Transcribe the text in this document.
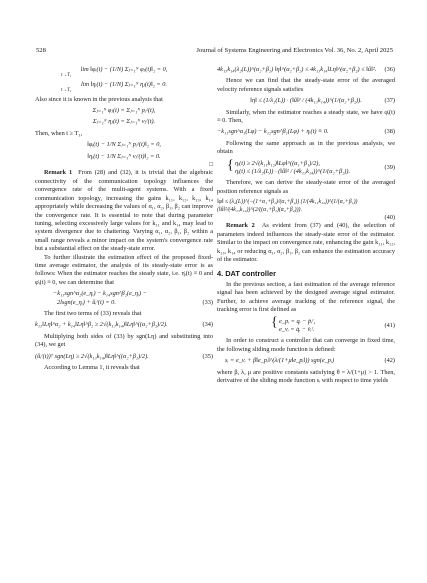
528	Journal of Systems Engineering and Electronics Vol. 36, No. 2, April 2025
lim ‖φᵢ(t) − (1/N) Σⱼ₌₁ᴺ φⱼ(t)‖₂ = 0,
t→T₁
lim ‖ηᵢ(t) − (1/N) Σⱼ₌₁ᴺ ηⱼ(t)‖₂ = 0.
t→T₁

Also since it is known in the previous analysis that

Σⱼ₌₁ᴺ φⱼ(t) = Σⱼ₌₁ᴺ pⱼʳ(t),
Σⱼ₌₁ᴺ ηⱼ(t) = Σⱼ₌₁ᴺ vⱼʳ(t).

Then, when t ≥ T₁,

‖φᵢ(t) − 1/N Σⱼ₌₁ᴺ pⱼʳ(t)‖₂ = 0,
‖ηᵢ(t) − 1/N Σⱼ₌₁ᴺ vⱼʳ(t)‖₂ = 0.
□

Remark 1 From (28) and (32), it is trivial that the algebraic connectivity of the communication topology influences the convergence rate of the multi-agent systems. With a fixed communication topology, increasing the gains k₁₁, k₁₂, k₁₃, k₁₄ appropriately while decreasing the values of α₁, α₂, β₁, β₂ can improve the convergence rate. It is essential to note that during parameter tuning, selecting excessively large values for k₁₁ and k₁₄ may lead to system divergence due to chattering. Varying α₁, α₂, β₁, β₂ within a small range reveals a minor impact on the system's convergence rate but a substantial effect on the steady-state error.

To further illustrate the estimation effect of the proposed fixed-time average estimator, the analysis of its steady-state error is as follows: When the estimator reaches the steady state, i.e. η̇ᵢ(t) ≡ 0 and φ̇ᵢ(t) ≡ 0, we can determine that

−k₁₃sgn^α₂(e_ηᵢ) − k₁₄sgn^β₂(e_ηᵢ) −
2lsgn(e_ηᵢ) + ǖᵢʳ(t) = 0.	(33)

The first two terms of (33) reveals that

k₁₃‖Lη‖^α₂ + k₁₄‖Lη‖^β₂ ≥ 2√(k₁₃k₁₄)‖Lη‖^((α₂+β₂)/2).	(34)

Multiplying both sides of (33) by sgn(Lη) and substituting into (34), we get

(ǖᵢʳ(t))ᵀ sgn(Lη) ≥ 2√(k₁₃k₁₄)‖Lη‖^((α₂+β₂)/2).	(35)

According to Lemma 1, it reveals that

4k₁₃k₁₄(λ₂(L))^(α₂+β₂) ‖η‖^(α₂+β₂) ≤ 4k₁₃k₁₄‖Lη‖^(α₂+β₂) ≤ ‖ǖ‖². (36)

Hence we can find that the steady-state error of the averaged velocity reference signals satisfies

‖η‖ ≤ (1/λ₂(L)) · (‖ǖ‖² / (4k₁₃k₁₄))^(1/(α₂+β₂)).	(37)

Similarly, when the estimator reaches a steady state, we have φ̇ᵢ(t) ≡ 0. Then,

−k₁₁sgn^α₁(Lφ) − k₁₂sgn^β₁(Lφ) + ηᵢ(t) ≡ 0.	(38)

Following the same approach as in the previous analysis, we obtain

{ ηᵢ(t) ≥ 2√(k₁₁k₁₂)‖Lφ‖^((α₁+β₁)/2),
ηᵢ(t) ≤ (1/λ₂(L)) · (‖ǖ‖² / (4k₁₃k₁₄))^(1/(α₂+β₂)).
(39)

Therefore, we can derive the steady-state error of the averaged position reference signals as

‖φ‖ ≤ (λ₂(L))^(−(1+α₁+β₁)/(α₁+β₁)) (1/(4k₁₁k₁₂))^(1/(α₁+β₁)) (‖ǖ‖²/(4k₁₃k₁₄))^(2/((α₁+β₁)(α₂+β₂))).
(40)

Remark 2 As evident from (37) and (40), the selection of parameters indeed influences the steady-state error of the estimator. Similar to the impact on convergence rate, enhancing the gain k₁₁, k₁₂, k₁₃, k₁₄ or reducing α₁, α₂, β₁, β₂ can enhance the estimation accuracy of the estimator.

4. DAT controller

In the previous section, a fast estimation of the average reference signal has been achieved by the designed average signal estimator. Further, to achieve average tracking of the reference signal, the tracking error is first defined as

{ e_pᵢ = qᵢ − p̄ᵢʳ,
e_vᵢ = q̇ᵢ − v̄ᵢʳ.
(41)

In order to construct a controller that can converge in fixed time, the following sliding mode function is defined:

sᵢ = e_vᵢ + β‖e_pᵢ‖^(λ/(1+μ‖e_pᵢ‖)) sgn(e_pᵢ)	(42)

where β, λ, μ are positive constants satisfying θ = λ/(1+μ) > 1. Then, derivative of the sliding mode function sᵢ with respect to time yields
